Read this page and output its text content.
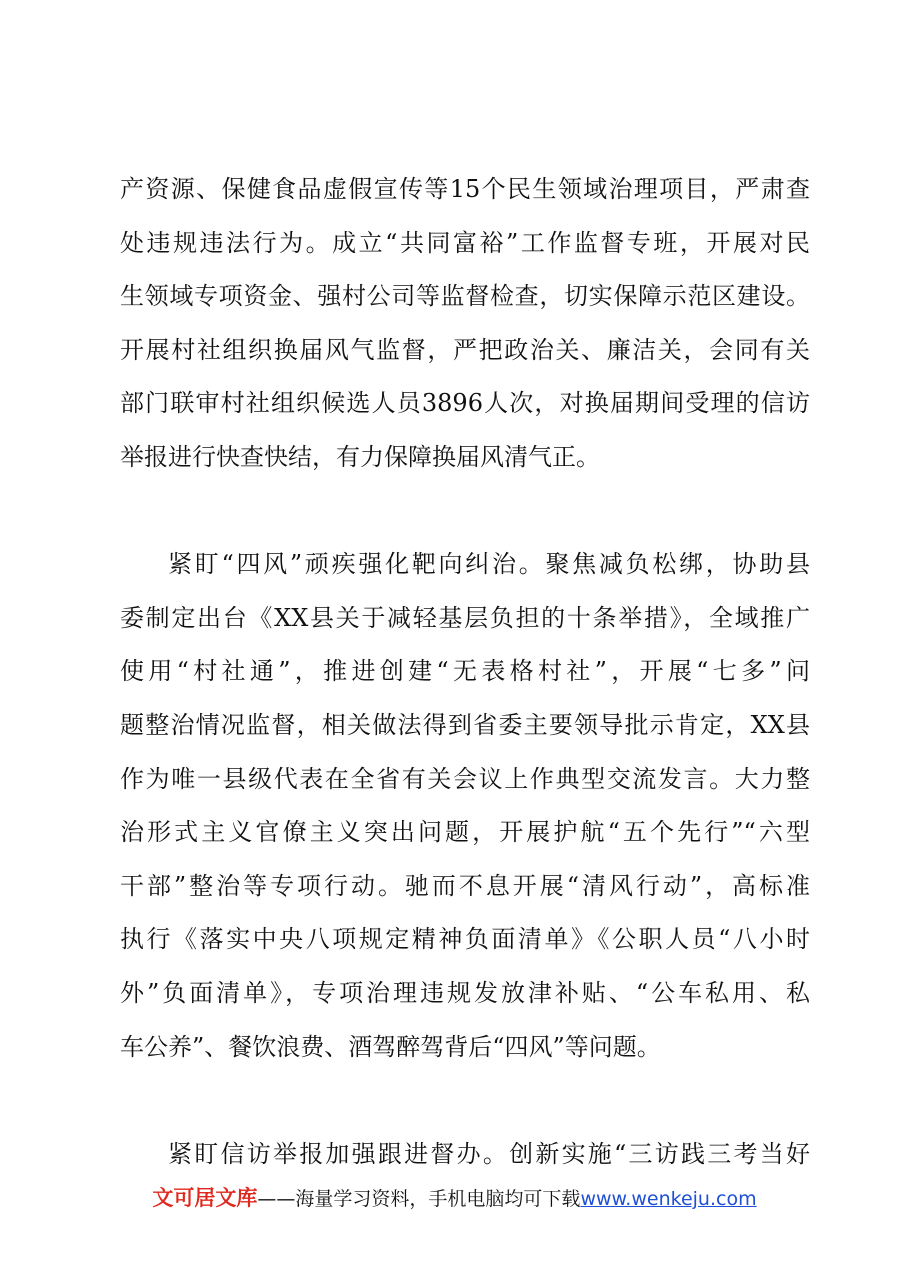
产资源、保健食品虚假宣传等15个民生领域治理项目，严肃查
处违规违法行为。成立“共同富裕”工作监督专班，开展对民
生领域专项资金、强村公司等监督检查，切实保障示范区建设。
开展村社组织换届风气监督，严把政治关、廉洁关，会同有关
部门联审村社组织候选人员3896人次，对换届期间受理的信访
举报进行快查快结，有力保障换届风清气正。
紧盯“四风”顽疾强化靶向纠治。聚焦减负松绑，协助县
委制定出台《XX县关于减轻基层负担的十条举措》，全域推广
使用“村社通”，推进创建“无表格村社”，开展“七多”问
题整治情况监督，相关做法得到省委主要领导批示肯定，XX县
作为唯一县级代表在全省有关会议上作典型交流发言。大力整
治形式主义官僚主义突出问题，开展护航“五个先行”“六型
干部”整治等专项行动。驰而不息开展“清风行动”，高标准
执行《落实中央八项规定精神负面清单》《公职人员“八小时
外”负面清单》，专项治理违规发放津补贴、“公车私用、私
车公养”、餐饮浪费、酒驾醉驾背后“四风”等问题。
紧盯信访举报加强跟进督办。创新实施“三访践三考当好
文可居文库——海量学习资料，手机电脑均可下载www.wenkeju.com
